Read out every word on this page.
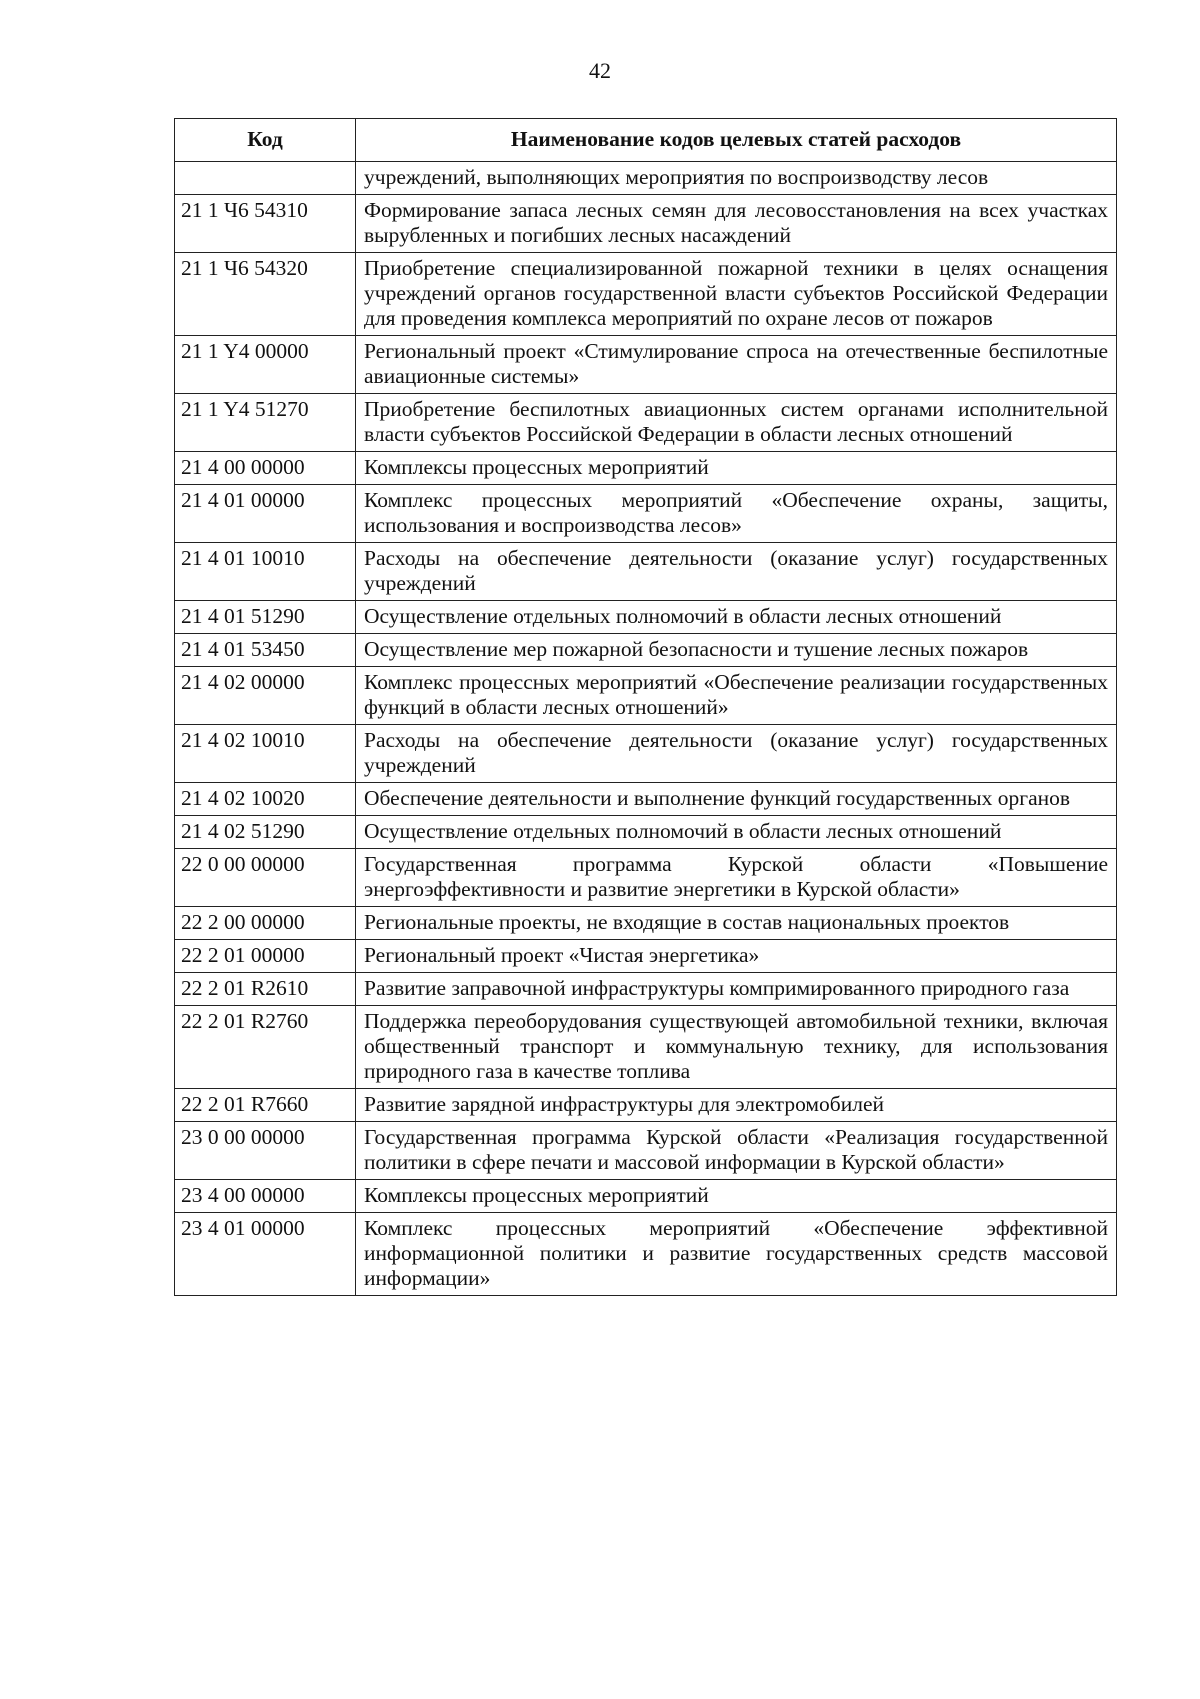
42
Код	Наименование кодов целевых статей расходов
	учреждений, выполняющих мероприятия по воспроизводству лесов
21 1 Ч6 54310	Формирование запаса лесных семян для лесовосстановления на всех участках вырубленных и погибших лесных насаждений
21 1 Ч6 54320	Приобретение специализированной пожарной техники в целях оснащения учреждений органов государственной власти субъектов Российской Федерации для проведения комплекса мероприятий по охране лесов от пожаров
21 1 Y4 00000	Региональный проект «Стимулирование спроса на отечественные беспилотные авиационные системы»
21 1 Y4 51270	Приобретение беспилотных авиационных систем органами исполнительной власти субъектов Российской Федерации в области лесных отношений
21 4 00 00000	Комплексы процессных мероприятий
21 4 01 00000	Комплекс процессных мероприятий «Обеспечение охраны, защиты, использования и воспроизводства лесов»
21 4 01 10010	Расходы на обеспечение деятельности (оказание услуг) государственных учреждений
21 4 01 51290	Осуществление отдельных полномочий в области лесных отношений
21 4 01 53450	Осуществление мер пожарной безопасности и тушение лесных пожаров
21 4 02 00000	Комплекс процессных мероприятий «Обеспечение реализации государственных функций в области лесных отношений»
21 4 02 10010	Расходы на обеспечение деятельности (оказание услуг) государственных учреждений
21 4 02 10020	Обеспечение деятельности и выполнение функций государственных органов
21 4 02 51290	Осуществление отдельных полномочий в области лесных отношений
22 0 00 00000	Государственная программа Курской области «Повышение энергоэффективности и развитие энергетики в Курской области»
22 2 00 00000	Региональные проекты, не входящие в состав национальных проектов
22 2 01 00000	Региональный проект «Чистая энергетика»
22 2 01 R2610	Развитие заправочной инфраструктуры компримированного природного газа
22 2 01 R2760	Поддержка переоборудования существующей автомобильной техники, включая общественный транспорт и коммунальную технику, для использования природного газа в качестве топлива
22 2 01 R7660	Развитие зарядной инфраструктуры для электромобилей
23 0 00 00000	Государственная программа Курской области «Реализация государственной политики в сфере печати и массовой информации в Курской области»
23 4 00 00000	Комплексы процессных мероприятий
23 4 01 00000	Комплекс процессных мероприятий «Обеспечение эффективной информационной политики и развитие государственных средств массовой информации»
